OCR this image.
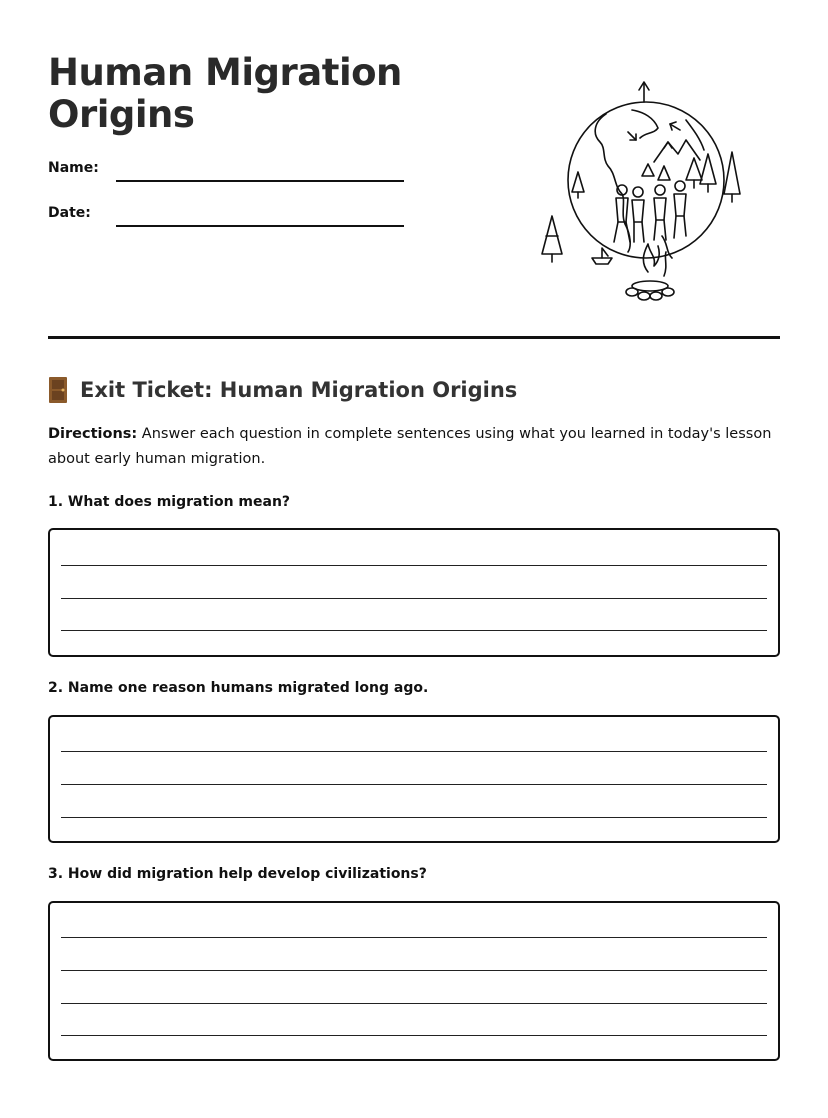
Human Migration Origins
Name:
Date:
Exit Ticket: Human Migration Origins
Directions: Answer each question in complete sentences using what you learned in today's lesson about early human migration.
1. What does migration mean?
2. Name one reason humans migrated long ago.
3. How did migration help develop civilizations?
